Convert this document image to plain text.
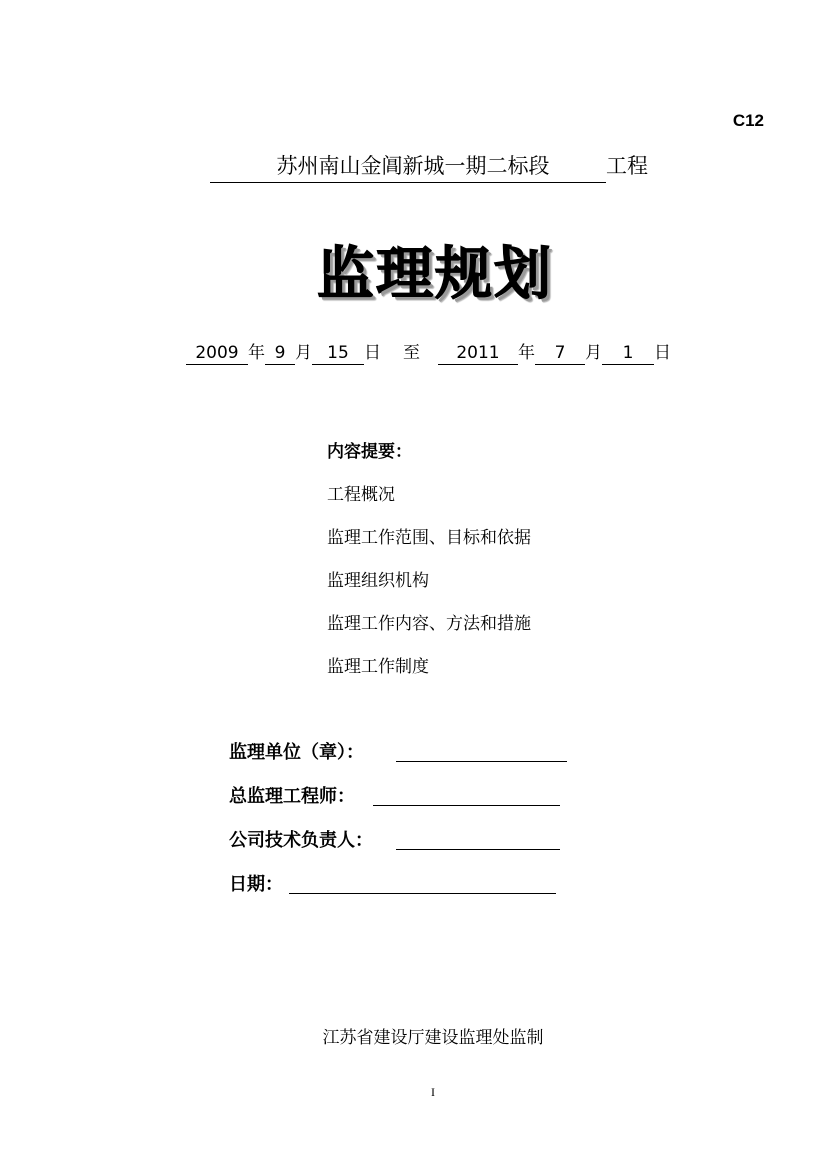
C12
苏州南山金阊新城一期二标段	工程
监理规划
2009 年 9 月 15 日 至 2011 年 7 月 1 日
内容提要：
工程概况
监理工作范围、目标和依据
监理组织机构
监理工作内容、方法和措施
监理工作制度
监理单位（章）：
总监理工程师：
公司技术负责人：
日期：
江苏省建设厅建设监理处监制
I
